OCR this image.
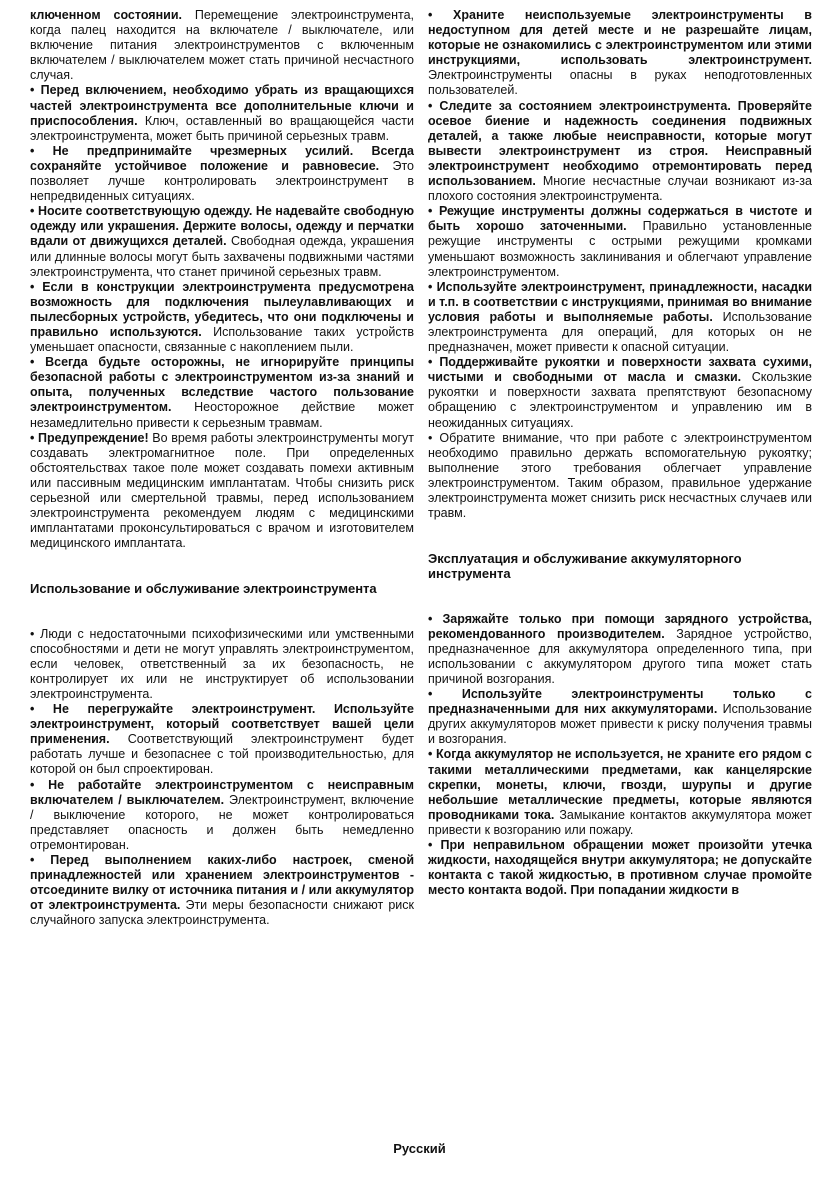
ключенном состоянии. Перемещение электроинструмента, когда палец находится на включателе / выключателе, или включение питания электроинструментов с включенным включателем / выключателем может стать причиной несчастного случая.

• Перед включением, необходимо убрать из вращающихся частей электроинструмента все дополнительные ключи и приспособления. Ключ, оставленный во вращающейся части электроинструмента, может быть причиной серьезных травм.

• Не предпринимайте чрезмерных усилий. Всегда сохраняйте устойчивое положение и равновесие. Это позволяет лучше контролировать электроинструмент в непредвиденных ситуациях.

• Носите соответствующую одежду. Не надевайте свободную одежду или украшения. Держите волосы, одежду и перчатки вдали от движущихся деталей. Свободная одежда, украшения или длинные волосы могут быть захвачены подвижными частями электроинструмента, что станет причиной серьезных травм.

• Если в конструкции электроинструмента предусмотрена возможность для подключения пылеулавливающих и пылесборных устройств, убедитесь, что они подключены и правильно используются. Использование таких устройств уменьшает опасности, связанные с накоплением пыли.

• Всегда будьте осторожны, не игнорируйте принципы безопасной работы с электроинструментом из-за знаний и опыта, полученных вследствие частого пользование электроинструментом. Неосторожное действие может незамедлительно привести к серьезным травмам.

• Предупреждение! Во время работы электроинструменты могут создавать электромагнитное поле. При определенных обстоятельствах такое поле может создавать помехи активным или пассивным медицинским имплантатам. Чтобы снизить риск серьезной или смертельной травмы, перед использованием электроинструмента рекомендуем людям с медицинскими имплантатами проконсультироваться с врачом и изготовителем медицинского имплантата.

Использование и обслуживание электроинструмента

• Люди с недостаточными психофизическими или умственными способностями и дети не могут управлять электроинструментом, если человек, ответственный за их безопасность, не контролирует их или не инструктирует об использовании электроинструмента.

• Не перегружайте электроинструмент. Используйте электроинструмент, который соответствует вашей цели применения. Соответствующий электроинструмент будет работать лучше и безопаснее с той производительностью, для которой он был спроектирован.

• Не работайте электроинструментом с неисправным включателем / выключателем. Электроинструмент, включение / выключение которого, не может контролироваться представляет опасность и должен быть немедленно отремонтирован.

• Перед выполнением каких-либо настроек, сменой принадлежностей или хранением электроинструментов - отсоедините вилку от источника питания и / или аккумулятор от электроинструмента. Эти меры безопасности снижают риск случайного запуска электроинструмента.

• Храните неиспользуемые электроинструменты в недоступном для детей месте и не разрешайте лицам, которые не ознакомились с электроинструментом или этими инструкциями, использовать электроинструмент. Электроинструменты опасны в руках неподготовленных пользователей.

• Следите за состоянием электроинструмента. Проверяйте осевое биение и надежность соединения подвижных деталей, а также любые неисправности, которые могут вывести электроинструмент из строя. Неисправный электроинструмент необходимо отремонтировать перед использованием. Многие несчастные случаи возникают из-за плохого состояния электроинструмента.

• Режущие инструменты должны содержаться в чистоте и быть хорошо заточенными. Правильно установленные режущие инструменты с острыми режущими кромками уменьшают возможность заклинивания и облегчают управление электроинструментом.

• Используйте электроинструмент, принадлежности, насадки и т.п. в соответствии с инструкциями, принимая во внимание условия работы и выполняемые работы. Использование электроинструмента для операций, для которых он не предназначен, может привести к опасной ситуации.

• Поддерживайте рукоятки и поверхности захвата сухими, чистыми и свободными от масла и смазки. Скользкие рукоятки и поверхности захвата препятствуют безопасному обращению с электроинструментом и управлению им в неожиданных ситуациях.

• Обратите внимание, что при работе с электроинструментом необходимо правильно держать вспомогательную рукоятку; выполнение этого требования облегчает управление электроинструментом. Таким образом, правильное удержание электроинструмента может снизить риск несчастных случаев или травм.

Эксплуатация и обслуживание аккумуляторного инструмента

• Заряжайте только при помощи зарядного устройства, рекомендованного производителем. Зарядное устройство, предназначенное для аккумулятора определенного типа, при использовании с аккумулятором другого типа может стать причиной возгорания.

• Используйте электроинструменты только с предназначенными для них аккумуляторами. Использование других аккумуляторов может привести к риску получения травмы и возгорания.

• Когда аккумулятор не используется, не храните его рядом с такими металлическими предметами, как канцелярские скрепки, монеты, ключи, гвозди, шурупы и другие небольшие металлические предметы, которые являются проводниками тока. Замыкание контактов аккумулятора может привести к возгоранию или пожару.

• При неправильном обращении может произойти утечка жидкости, находящейся внутри аккумулятора; не допускайте контакта с такой жидкостью, в противном случае промойте место контакта водой. При попадании жидкости в

Русский
